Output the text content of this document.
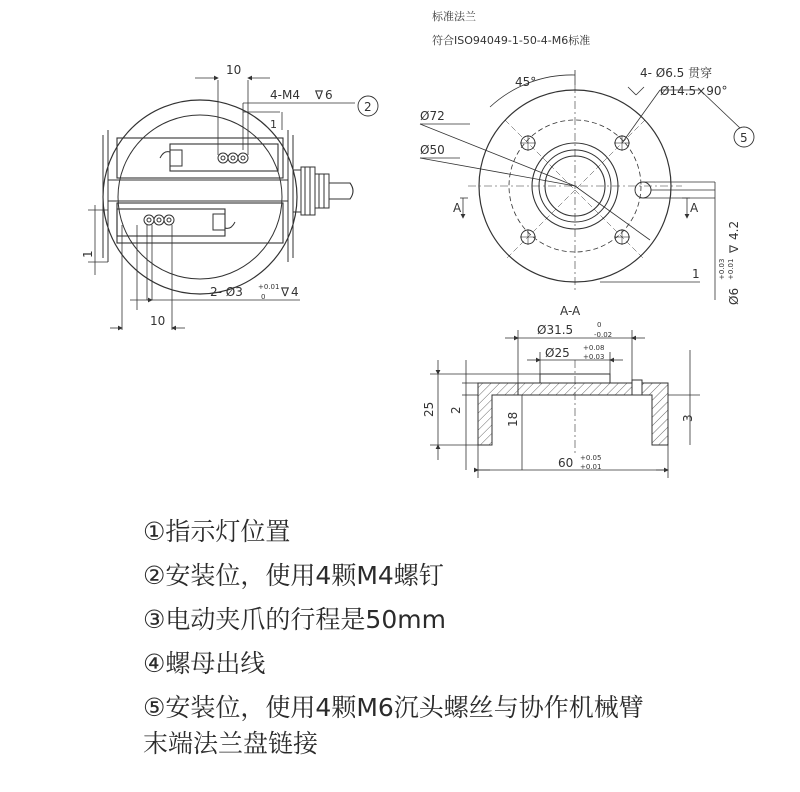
10
4-M4 ∇ 6
2
1
1
2- Ø3 +0.01
0 ∇ 4
10
标准法兰
符合ISO94049-1-50-4-M6标准
45°
4- Ø6.5 贯穿
Ø14.5×90°
5
Ø72
Ø50
A	A
4.2
∇
1
Ø6
+0.03 +0.01
A-A
Ø31.5	0
-0.02
Ø25 +0.08
+0.03
25 2
18	3
60 +0.05
+0.01
①指示灯位置
②安装位，使用4颗M4螺钉
③电动夹爪的行程是50mm
④螺母出线
⑤安装位，使用4颗M6沉头螺丝与协作机械臂末端法兰盘链接
